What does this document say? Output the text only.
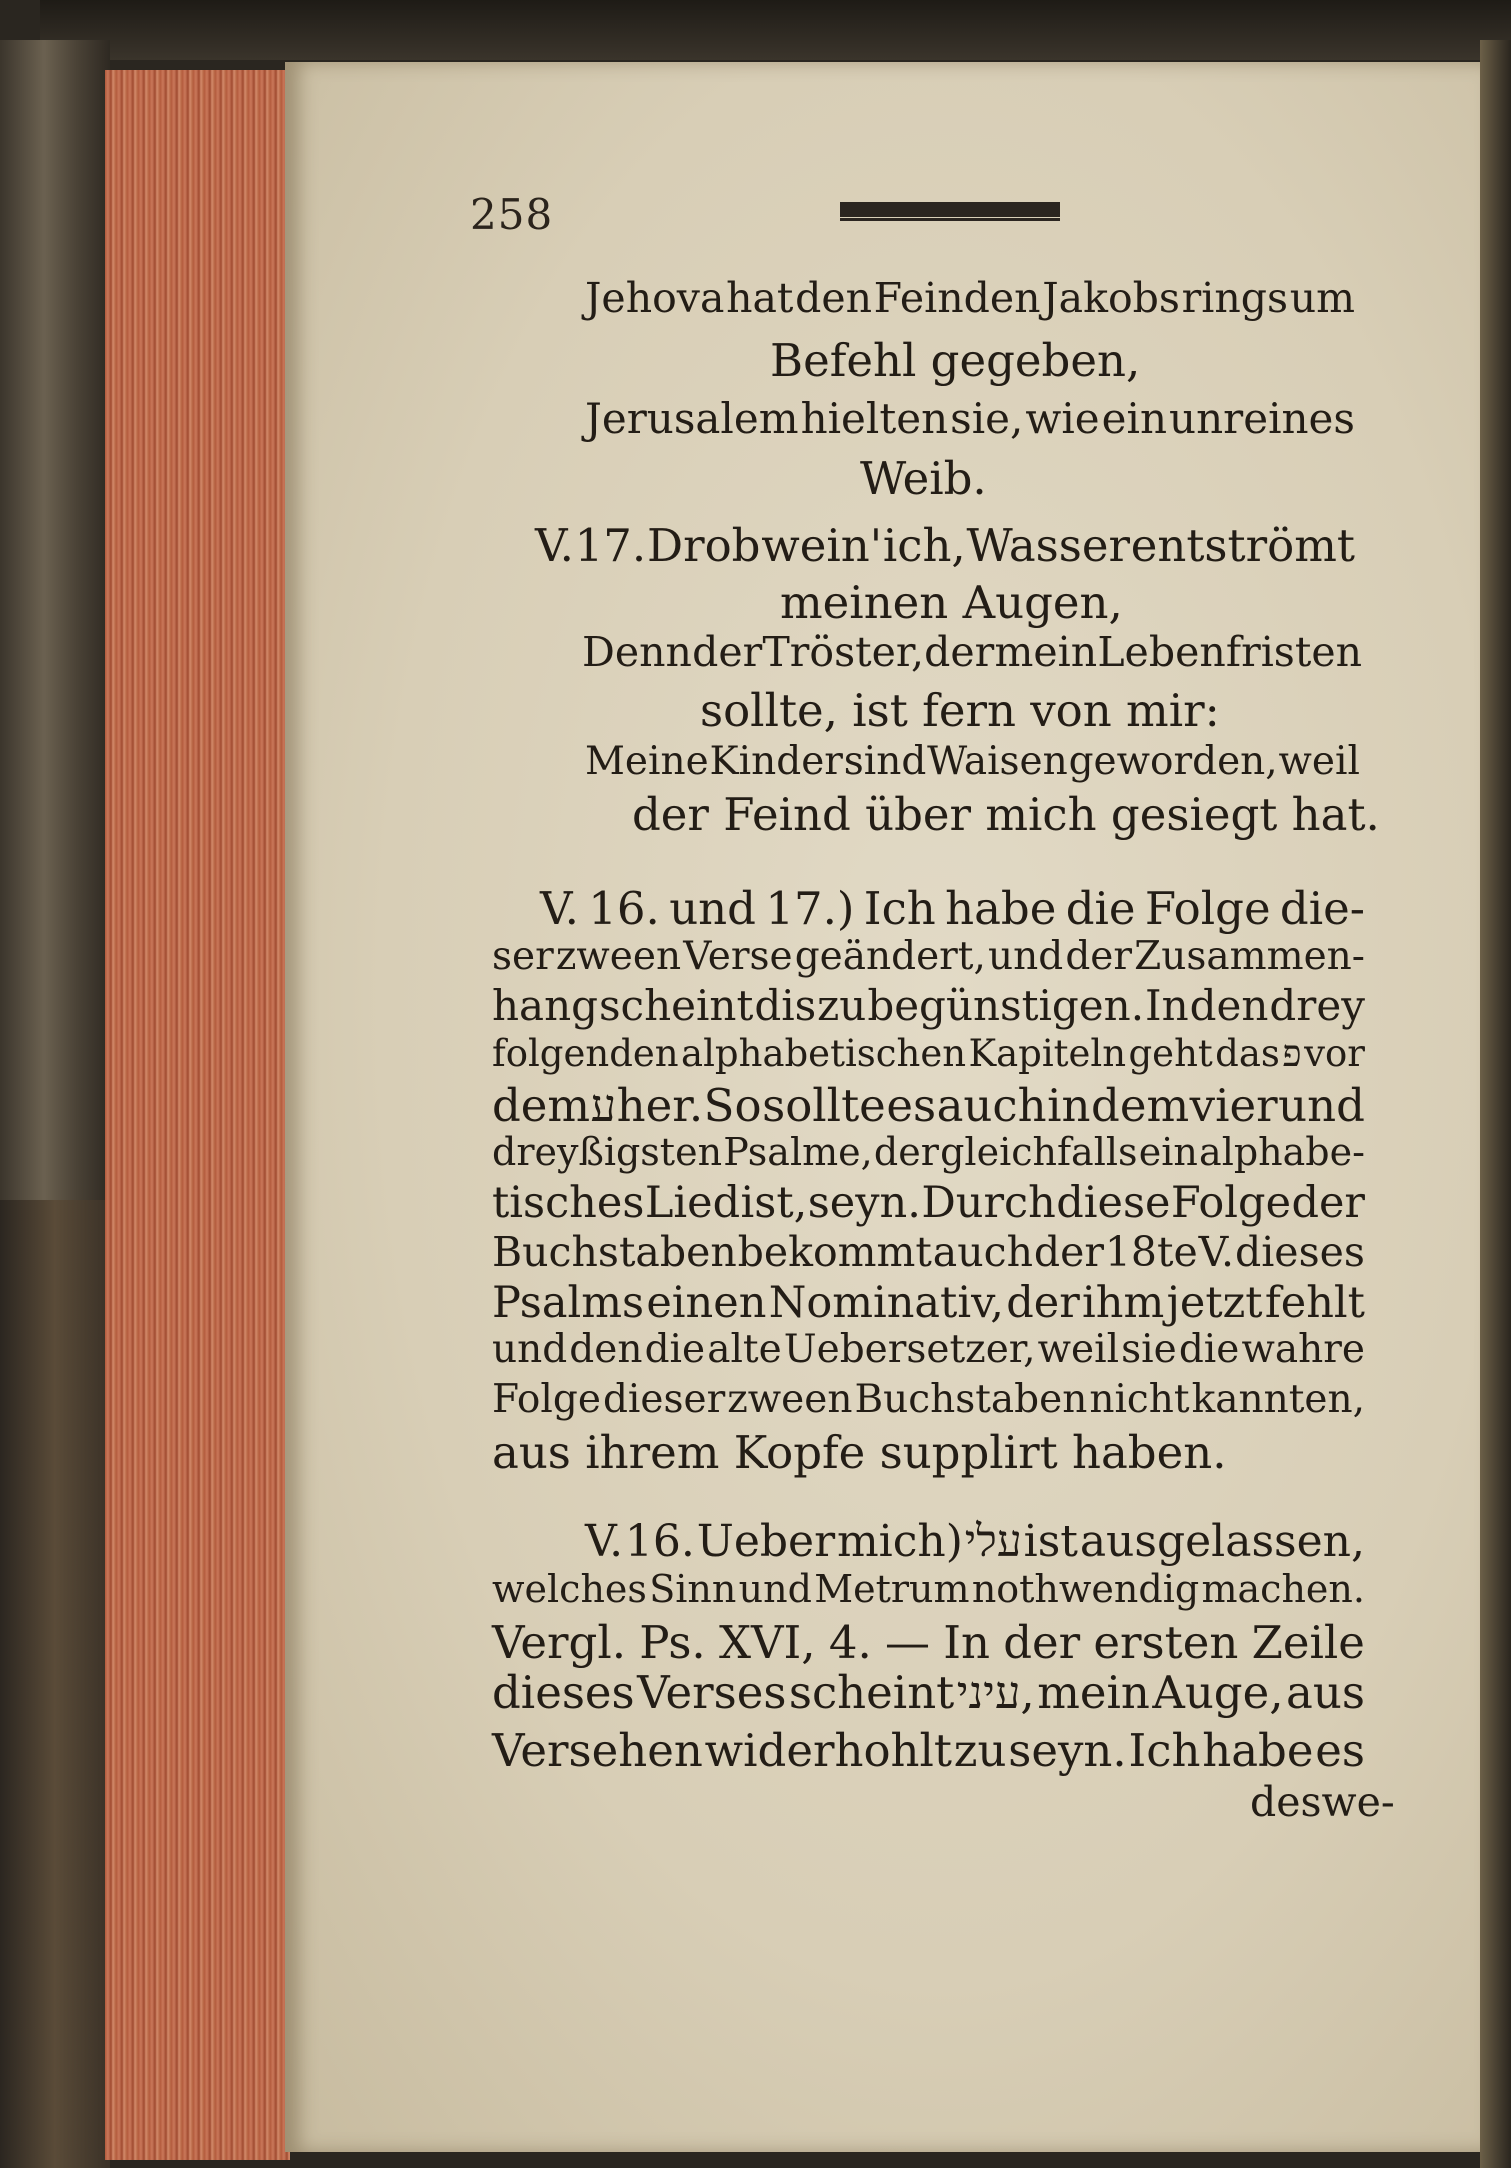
258
Jehova hat den Feinden Jakobs rings um
Befehl gegeben,
Jerusalem hielten sie, wie ein unreines
Weib.
V. 17. Drob wein' ich, Wasser entströmt
meinen Augen,
Denn der Tröster, der mein Leben fristen
sollte, ist fern von mir:
Meine Kinder sind Waisen geworden, weil
der Feind über mich gesiegt hat.
V. 16. und 17.) Ich habe die Folge die-
ser zween Verse geändert, und der Zusammen-
hang scheint dis zu begünstigen. In den drey
folgenden alphabetischen Kapiteln geht das פ vor
dem ע her. So sollte es auch in dem vier und
dreyßigsten Psalme, der gleichfalls ein alphabe-
tisches Lied ist, seyn. Durch diese Folge der
Buchstaben bekommt auch der 18te V. dieses
Psalms einen Nominativ, der ihm jetzt fehlt
und den die alte Uebersetzer, weil sie die wahre
Folge dieser zween Buchstaben nicht kannten,
aus ihrem Kopfe supplirt haben.
V. 16. Ueber mich) עלי ist ausgelassen,
welches Sinn und Metrum nothwendig machen.
Vergl. Ps. XVI, 4. — In der ersten Zeile
dieses Verses scheint עיני, mein Auge, aus
Versehen widerhohlt zu seyn. Ich habe es
deswe-
